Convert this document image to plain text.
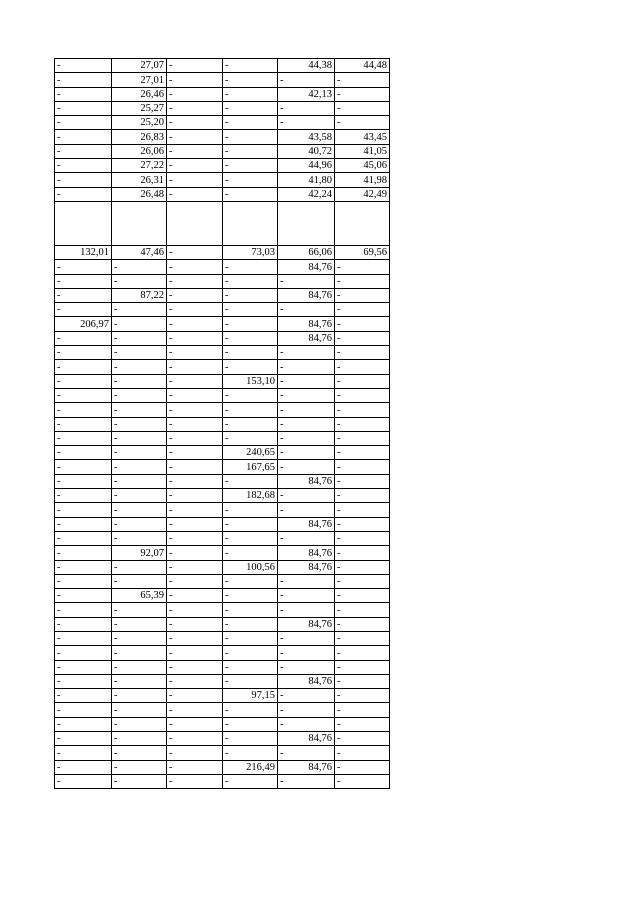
-	27,07	-	-	44,38	44,48
-	27,01	-	-	-	-
-	26,46	-	-	42,13	-
-	25,27	-	-	-	-
-	25,20	-	-	-	-
-	26,83	-	-	43,58	43,45
-	26,06	-	-	40,72	41,05
-	27,22	-	-	44,96	45,06
-	26,31	-	-	41,80	41,98
-	26,48	-	-	42,24	42,49

132,01	47,46	-	73,03	66,06	69,56
-	-	-	-	84,76	-
-	-	-	-	-	-
-	87,22	-	-	84,76	-
-	-	-	-	-	-
206,97	-	-	-	84,76	-
-	-	-	-	84,76	-
-	-	-	-	-	-
-	-	-	-	-	-
-	-	-	153,10	-	-
-	-	-	-	-	-
-	-	-	-	-	-
-	-	-	-	-	-
-	-	-	-	-	-
-	-	-	240,65	-	-
-	-	-	167,65	-	-
-	-	-	-	84,76	-
-	-	-	182,68	-	-
-	-	-	-	-	-
-	-	-	-	84,76	-
-	-	-	-	-	-
-	92,07	-	-	84,76	-
-	-	-	100,56	84,76	-
-	-	-	-	-	-
-	65,39	-	-	-	-
-	-	-	-	-	-
-	-	-	-	84,76	-
-	-	-	-	-	-
-	-	-	-	-	-
-	-	-	-	-	-
-	-	-	-	84,76	-
-	-	-	97,15	-	-
-	-	-	-	-	-
-	-	-	-	-	-
-	-	-	-	84,76	-
-	-	-	-	-	-
-	-	-	216,49	84,76	-
-	-	-	-	-	-
